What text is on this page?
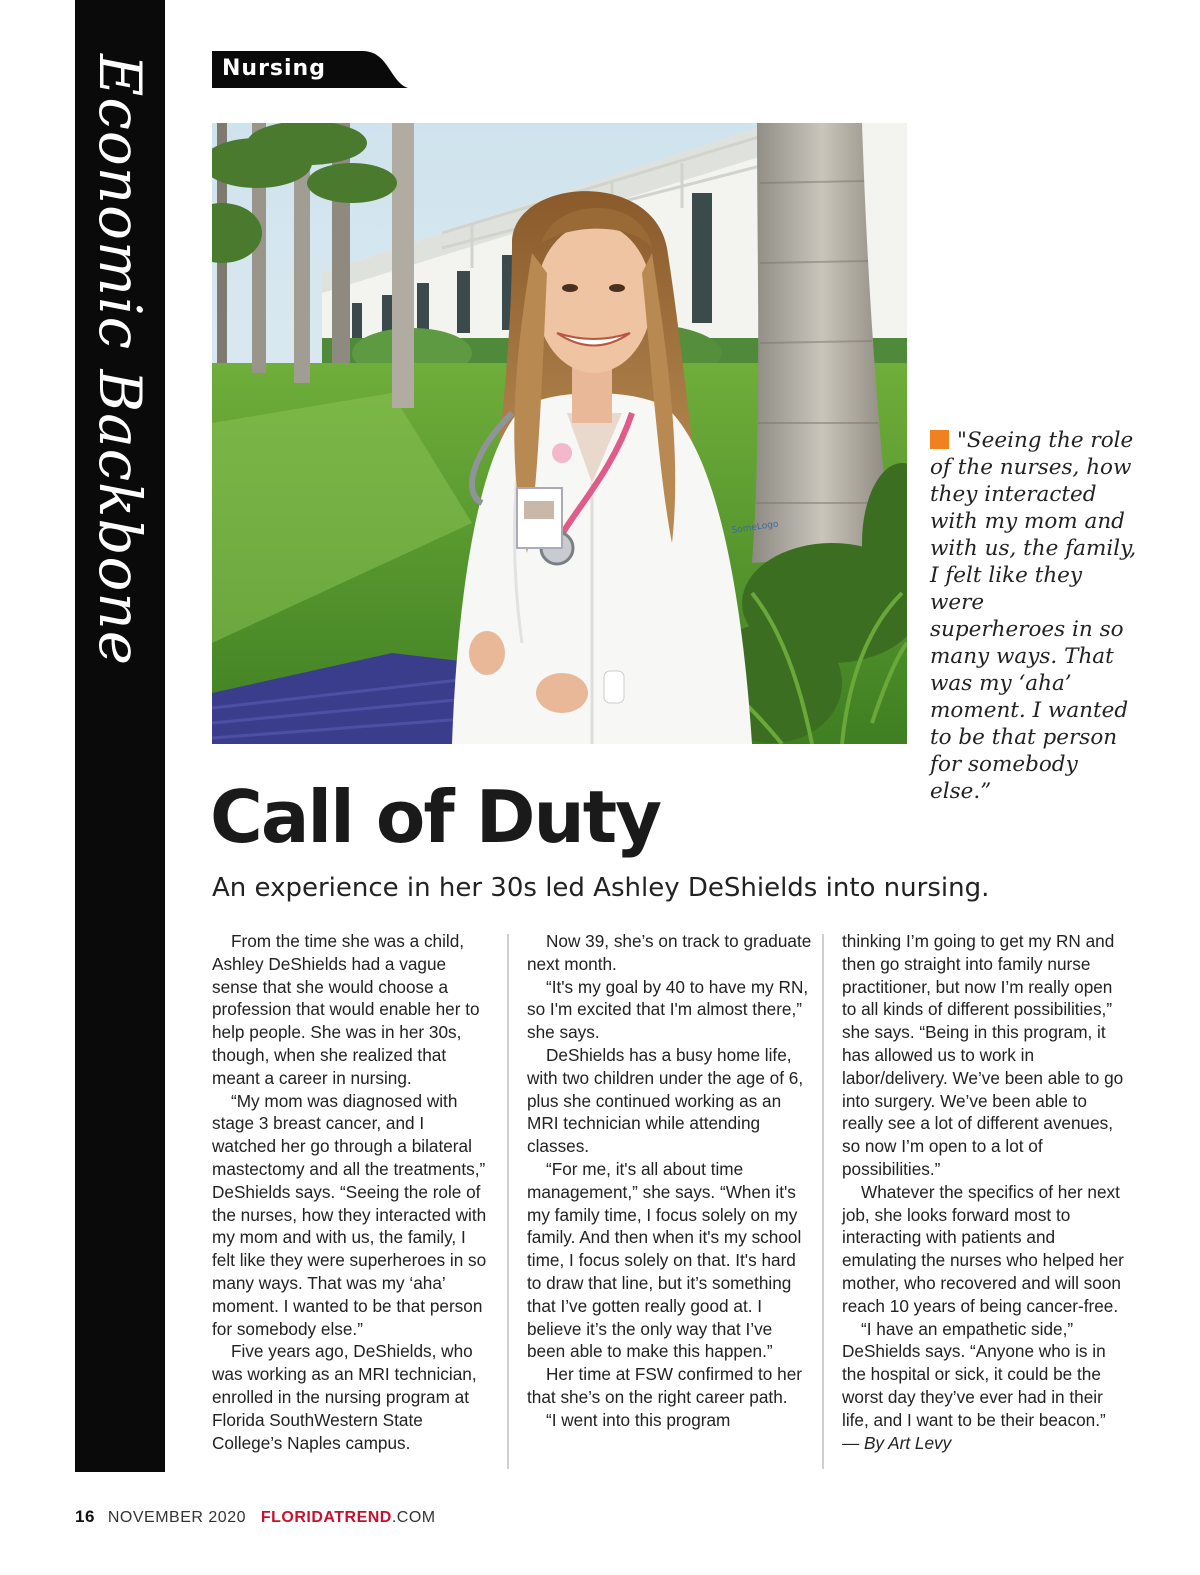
Economic Backbone	Nursing
SomeLogo
"Seeing the role
of the nurses, how
they interacted
with my mom and
with us, the family,
I felt like they were
superheroes in so
many ways. That
was my ‘aha’
moment. I wanted
to be that person
for somebody else.”
Call of Duty
An experience in her 30s led Ashley DeShields into nursing.

From the time she was a child, Ashley DeShields had a vague sense that she would choose a profession that would enable her to help people. She was in her 30s, though, when she realized that meant a career in nursing.

“My mom was diagnosed with stage 3 breast cancer, and I watched her go through a bilateral mastectomy and all the treatments,” DeShields says. “Seeing the role of the nurses, how they interacted with my mom and with us, the family, I felt like they were superheroes in so many ways. That was my ‘aha’ moment. I wanted to be that person for somebody else.”

Five years ago, DeShields, who was working as an MRI technician, enrolled in the nursing program at Florida SouthWestern State College’s Naples campus.

Now 39, she’s on track to graduate next month.

“It's my goal by 40 to have my RN, so I'm excited that I'm almost there,” she says.

DeShields has a busy home life, with two children under the age of 6, plus she continued working as an MRI technician while attending classes.

“For me, it's all about time management,” she says. “When it's my family time, I focus solely on my family. And then when it's my school time, I focus solely on that. It's hard to draw that line, but it’s something that I’ve gotten really good at. I believe it’s the only way that I’ve been able to make this happen.”

Her time at FSW confirmed to her that she’s on the right career path.

“I went into this program

thinking I’m going to get my RN and then go straight into family nurse practitioner, but now I’m really open to all kinds of different possibilities,” she says. “Being in this program, it has allowed us to work in labor/delivery. We’ve been able to go into surgery. We’ve been able to really see a lot of different avenues, so now I’m open to a lot of possibilities.”

Whatever the specifics of her next job, she looks forward most to interacting with patients and emulating the nurses who helped her mother, who recovered and will soon reach 10 years of being cancer-free.

“I have an empathetic side,” DeShields says. “Anyone who is in the hospital or sick, it could be the worst day they’ve ever had in their life, and I want to be their beacon.”

— By Art Levy

16 NOVEMBER 2020 FLORIDATREND.COM
